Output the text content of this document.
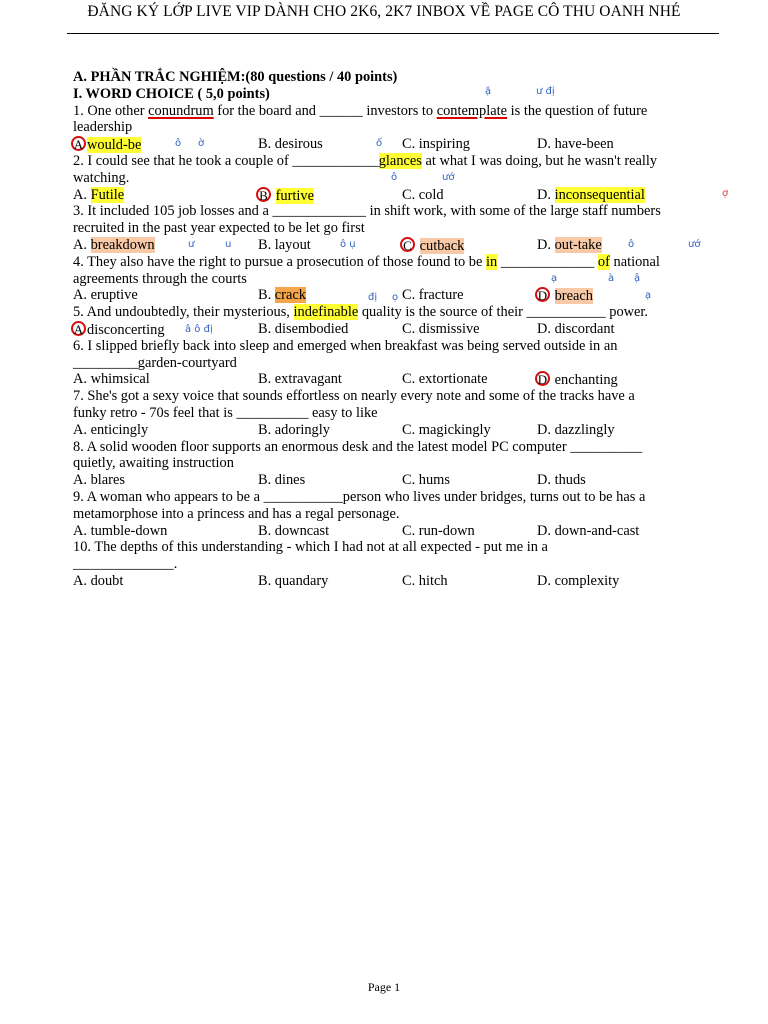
ĐĂNG KÝ LỚP LIVE VIP DÀNH CHO 2K6, 2K7 INBOX VỀ PAGE CÔ THU OANH NHÉ
ặ	ư đị
ô ờ	ố
ô	ướ
ợ
ư	u	ô ụ	ô	ướ
ạ	à ậ
đị ọ	ạ
â ô đị
A. PHẦN TRẮC NGHIỆM:(80 questions / 40 points)
I. WORD CHOICE ( 5,0 points)
1. One other conundrum for the board and ______ investors to contemplate is the question of future
leadership
A would-be	B. desirous	C. inspiring	D. have-been
2. I could see that he took a couple of ____________glances at what I was doing, but he wasn't really
watching.
A. Futile	B furtive	C. cold	D. inconsequential
3. It included 105 job losses and a _____________ in shift work, with some of the large staff numbers
recruited in the past year expected to be let go first
A. breakdown	B. layout	C cutback	D. out-take
4. They also have the right to pursue a prosecution of those found to be in _____________ of national
agreements through the courts
A. eruptive	B. crack	C. fracture	D breach
5. And undoubtedly, their mysterious, indefinable quality is the source of their ___________ power.
A disconcerting	B. disembodied	C. dismissive	D. discordant
6. I slipped briefly back into sleep and emerged when breakfast was being served outside in an
_________garden-courtyard
A. whimsical	B. extravagant	C. extortionate	D enchanting
7. She's got a sexy voice that sounds effortless on nearly every note and some of the tracks have a
funky retro - 70s feel that is __________ easy to like
A. enticingly	B. adoringly	C. magickingly	D. dazzlingly
8. A solid wooden floor supports an enormous desk and the latest model PC computer __________
quietly, awaiting instruction
A. blares	B. dines	C. hums	D. thuds
9. A woman who appears to be a ___________person who lives under bridges, turns out to be has a
metamorphose into a princess and has a regal personage.
A. tumble-down	B. downcast	C. run-down	D. down-and-cast
10. The depths of this understanding - which I had not at all expected - put me in a
______________.
A. doubt	B. quandary	C. hitch	D. complexity
Page 1
